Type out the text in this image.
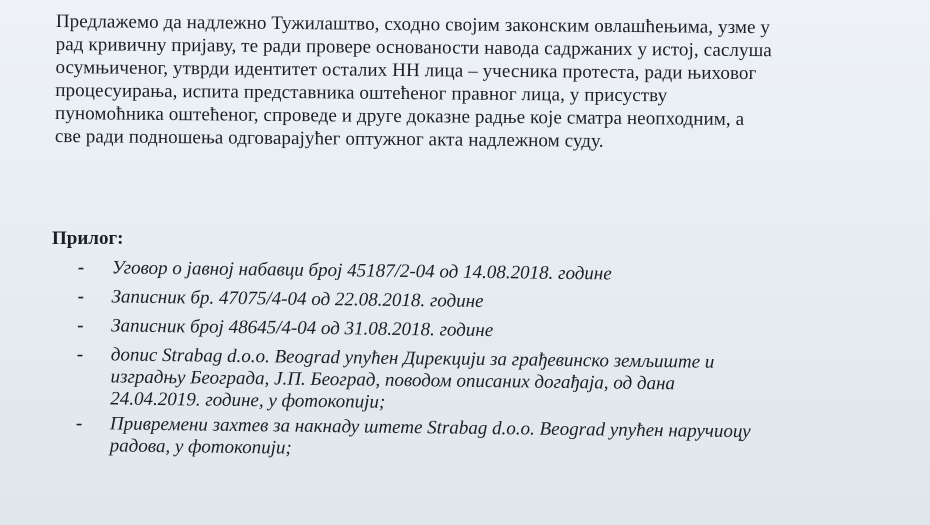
Предлажемо да надлежно Тужилаштво, сходно својим законским овлашћењима, узме у
рад кривичну пријаву, те ради провере основаности навода садржаних у истој, саслуша
осумњиченог, утврди идентитет осталих НН лица – учесника протеста, ради њиховог
процесуирања, испита представника оштећеног правног лица, у присуству
пуномоћника оштећеног, спроведе и друге доказне радње које сматра неопходним, а
све ради подношења одговарајућег оптужног акта надлежном суду.
Прилог:
-	Уговор о јавној набавци број 45187/2-04 од 14.08.2018. године
-	Записник бр. 47075/4-04 од 22.08.2018. године
-	Записник број 48645/4-04 од 31.08.2018. године
-	допис Strabag d.o.o. Beograd упућен Дирекцији за грађевинско земљиште и
изградњу Београда, Ј.П. Београд, поводом описаних догађаја, од дана
24.04.2019. године, у фотокопији;
-	Привремени захтев за накнаду штете Strabag d.o.o. Beograd упућен наручиоцу
радова, у фотокопији;
